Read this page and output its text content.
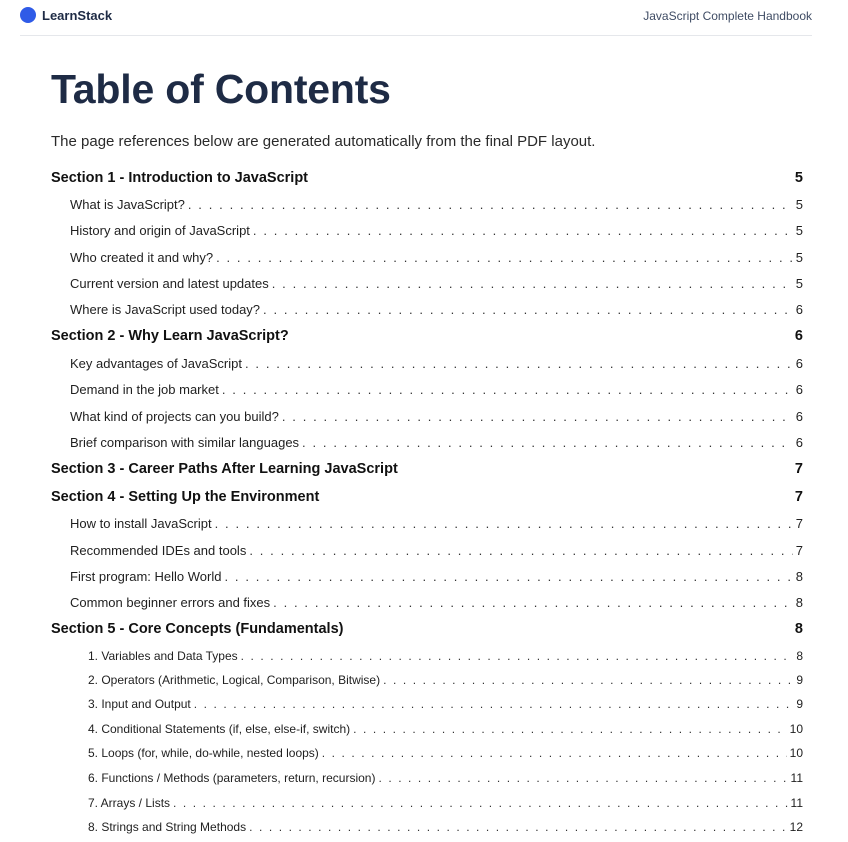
LearnStack	JavaScript Complete Handbook
Table of Contents
The page references below are generated automatically from the final PDF layout.
Section 1 - Introduction to JavaScript	5
What is JavaScript? . . .	5
History and origin of JavaScript . . .	5
Who created it and why? . . .	5
Current version and latest updates . . .	5
Where is JavaScript used today? . . .	6
Section 2 - Why Learn JavaScript?	6
Key advantages of JavaScript . . .	6
Demand in the job market . . .	6
What kind of projects can you build? . . .	6
Brief comparison with similar languages . . .	6
Section 3 - Career Paths After Learning JavaScript	7
Section 4 - Setting Up the Environment	7
How to install JavaScript . . .	7
Recommended IDEs and tools . . .	7
First program: Hello World . . .	8
Common beginner errors and fixes . . .	8
Section 5 - Core Concepts (Fundamentals)	8
1. Variables and Data Types . . .	8
2. Operators (Arithmetic, Logical, Comparison, Bitwise) . . .	9
3. Input and Output . . .	9
4. Conditional Statements (if, else, else-if, switch) . . .	10
5. Loops (for, while, do-while, nested loops) . . .	10
6. Functions / Methods (parameters, return, recursion) . . .	11
7. Arrays / Lists . . .	11
8. Strings and String Methods . . .	12
